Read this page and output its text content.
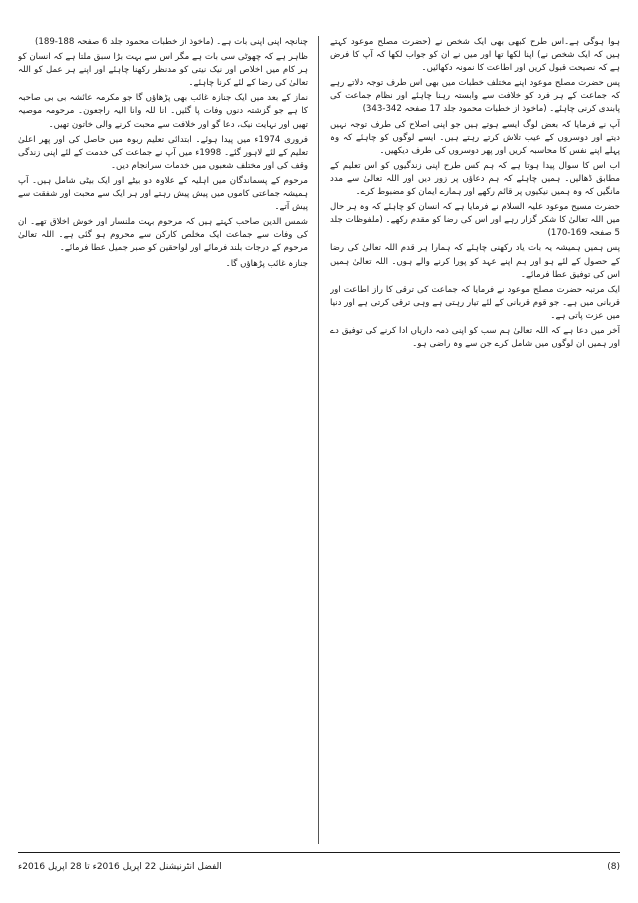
ہوا ہوگی ہے۔اس طرح کبھی بھی ایک شخص نے (حضرت مصلح موعود کہتے ہیں کہ ایک شخص نے) اپنا لکھا تھا اور میں نے ان کو جواب لکھا کہ آپ کا فرض ہے کہ نصیحت قبول کریں اور اطاعت کا نمونہ دکھائیں۔

پس حضرت مصلح موعود اپنے مختلف خطبات میں بھی اس طرف توجہ دلاتے رہے کہ جماعت کے ہر فرد کو خلافت سے وابستہ رہنا چاہئے اور نظام جماعت کی پابندی کرنی چاہئے۔ (ماخوذ از خطبات محمود جلد 17 صفحہ 342-343)

آپ نے فرمایا کہ بعض لوگ ایسے ہوتے ہیں جو اپنی اصلاح کی طرف توجہ نہیں دیتے اور دوسروں کے عیب تلاش کرتے رہتے ہیں۔ ایسے لوگوں کو چاہئے کہ وہ پہلے اپنے نفس کا محاسبہ کریں اور پھر دوسروں کی طرف دیکھیں۔

اب اس کا سوال پیدا ہوتا ہے کہ ہم کس طرح اپنی زندگیوں کو اس تعلیم کے مطابق ڈھالیں۔ ہمیں چاہئے کہ ہم دعاؤں پر زور دیں اور اللہ تعالیٰ سے مدد مانگیں کہ وہ ہمیں نیکیوں پر قائم رکھے اور ہمارے ایمان کو مضبوط کرے۔

حضرت مسیح موعود علیہ السلام نے فرمایا ہے کہ انسان کو چاہئے کہ وہ ہر حال میں اللہ تعالیٰ کا شکر گزار رہے اور اس کی رضا کو مقدم رکھے۔ (ملفوظات جلد 5 صفحہ 169-170)

پس ہمیں ہمیشہ یہ بات یاد رکھنی چاہئے کہ ہمارا ہر قدم اللہ تعالیٰ کی رضا کے حصول کے لئے ہو اور ہم اپنے عہد کو پورا کرنے والے ہوں۔ اللہ تعالیٰ ہمیں اس کی توفیق عطا فرمائے۔

ایک مرتبہ حضرت مصلح موعود نے فرمایا کہ جماعت کی ترقی کا راز اطاعت اور قربانی میں ہے۔ جو قوم قربانی کے لئے تیار رہتی ہے وہی ترقی کرتی ہے اور دنیا میں عزت پاتی ہے۔

آخر میں دعا ہے کہ اللہ تعالیٰ ہم سب کو اپنی ذمہ داریاں ادا کرنے کی توفیق دے اور ہمیں ان لوگوں میں شامل کرے جن سے وہ راضی ہو۔

چنانچہ اپنی اپنی بات ہے۔ (ماخوذ از خطبات محمود جلد 6 صفحہ 188-189)

ظاہر ہے کہ چھوٹی سی بات ہے مگر اس سے بہت بڑا سبق ملتا ہے کہ انسان کو ہر کام میں اخلاص اور نیک نیتی کو مدنظر رکھنا چاہئے اور اپنے ہر عمل کو اللہ تعالیٰ کی رضا کے لئے کرنا چاہئے۔

نماز کے بعد میں ایک جنازہ غائب بھی پڑھاؤں گا جو مکرمہ عائشہ بی بی صاحبہ کا ہے جو گزشتہ دنوں وفات پا گئیں۔ انا للہ وانا الیہ راجعون۔ مرحومہ موصیہ تھیں اور نہایت نیک، دعا گو اور خلافت سے محبت کرنے والی خاتون تھیں۔

فروری 1974ء میں پیدا ہوئے۔ ابتدائی تعلیم ربوہ میں حاصل کی اور پھر اعلیٰ تعلیم کے لئے لاہور گئے۔ 1998ء میں آپ نے جماعت کی خدمت کے لئے اپنی زندگی وقف کی اور مختلف شعبوں میں خدمات سرانجام دیں۔

مرحوم کے پسماندگان میں اہلیہ کے علاوہ دو بیٹے اور ایک بیٹی شامل ہیں۔ آپ ہمیشہ جماعتی کاموں میں پیش پیش رہتے اور ہر ایک سے محبت اور شفقت سے پیش آتے۔

شمس الدین صاحب کہتے ہیں کہ مرحوم بہت ملنسار اور خوش اخلاق تھے۔ ان کی وفات سے جماعت ایک مخلص کارکن سے محروم ہو گئی ہے۔ اللہ تعالیٰ مرحوم کے درجات بلند فرمائے اور لواحقین کو صبر جمیل عطا فرمائے۔

جنازہ غائب پڑھاؤں گا۔

(8)
الفضل انٹرنیشنل 22 اپریل 2016ء تا 28 اپریل 2016ء
